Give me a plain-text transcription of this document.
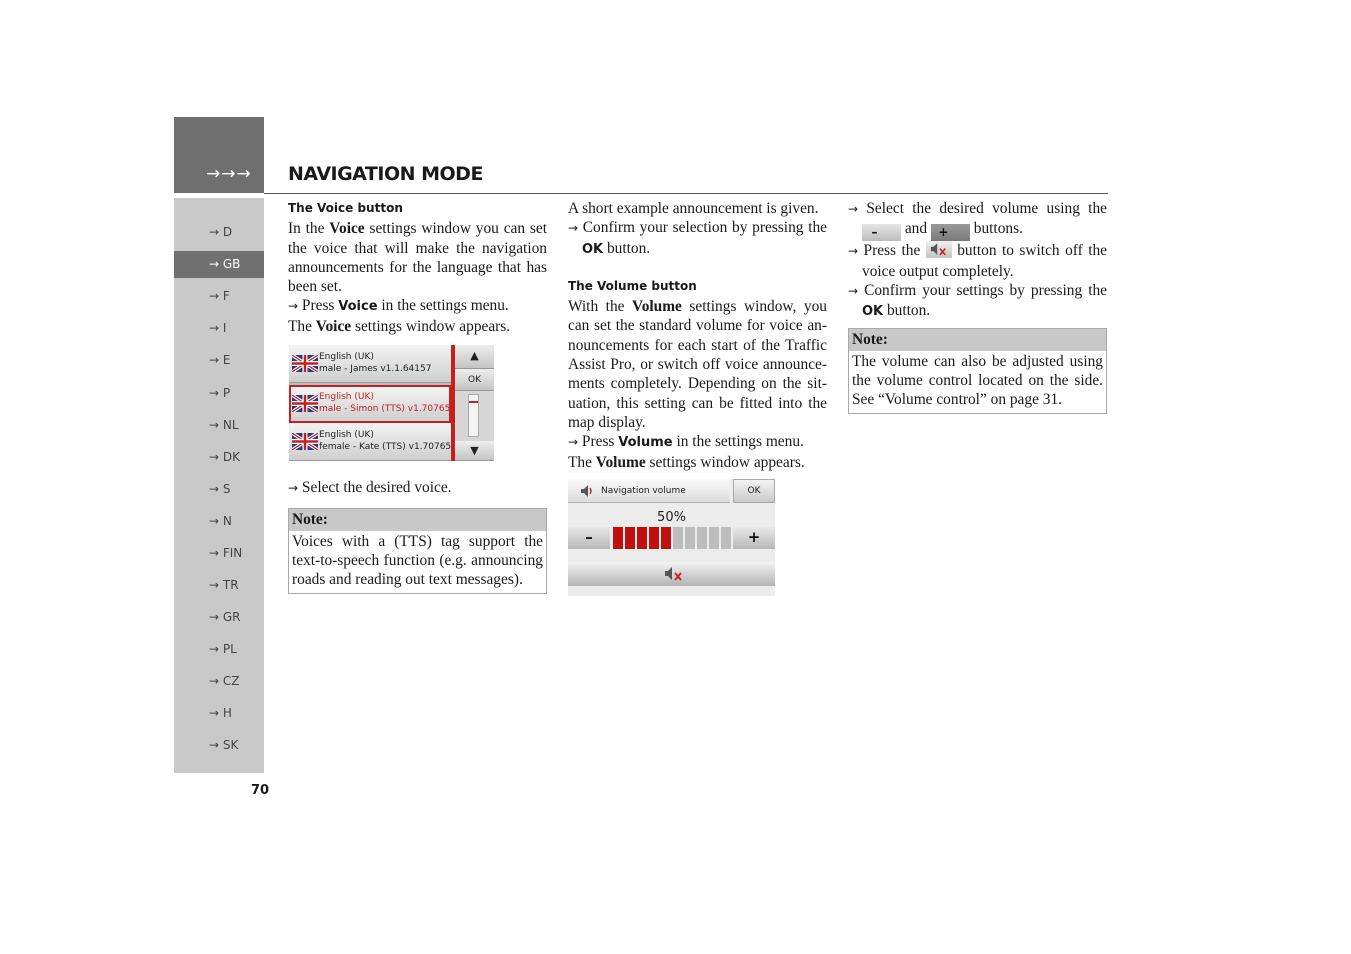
→→→ NAVIGATION MODE
→ D
→ GB
→ F
→ I
→ E
→ P
→ NL
→ DK
→ S
→ N
→ FIN
→ TR
→ GR
→ PL
→ CZ
→ H
→ SK
70
The Voice button

In the Voice settings window you can set the voice that will make the navigation announcements for the language that has been set.

→ Press Voice in the settings menu.

The Voice settings window appears.

→ Select the desired voice.

Note:
Voices with a (TTS) tag support the text-to-speech function (e.g. announcing roads and reading out text messages).
English (UK)
male - James v1.1.64157
English (UK)
male - Simon (TTS) v1.70765
English (UK)
female - Kate (TTS) v1.70765
▲
OK
▼

A short example announcement is given.

→ Confirm your selection by pressing the OK button.

The Volume button

With the Volume settings window, you can set the standard volume for voice announcements for each start of the Traffic Assist Pro, or switch off voice announcements completely. Depending on the situation, this setting can be fitted into the map display.

→ Press Volume in the settings menu.

The Volume settings window appears.

Navigation volume	OK
50%
–	+

→ Select the desired volume using the – and + buttons.

→ Press the
button to switch off the voice output completely.

→ Confirm your settings by pressing the OK button.

Note:
The volume can also be adjusted using the volume control located on the side. See “Volume control” on page 31.
